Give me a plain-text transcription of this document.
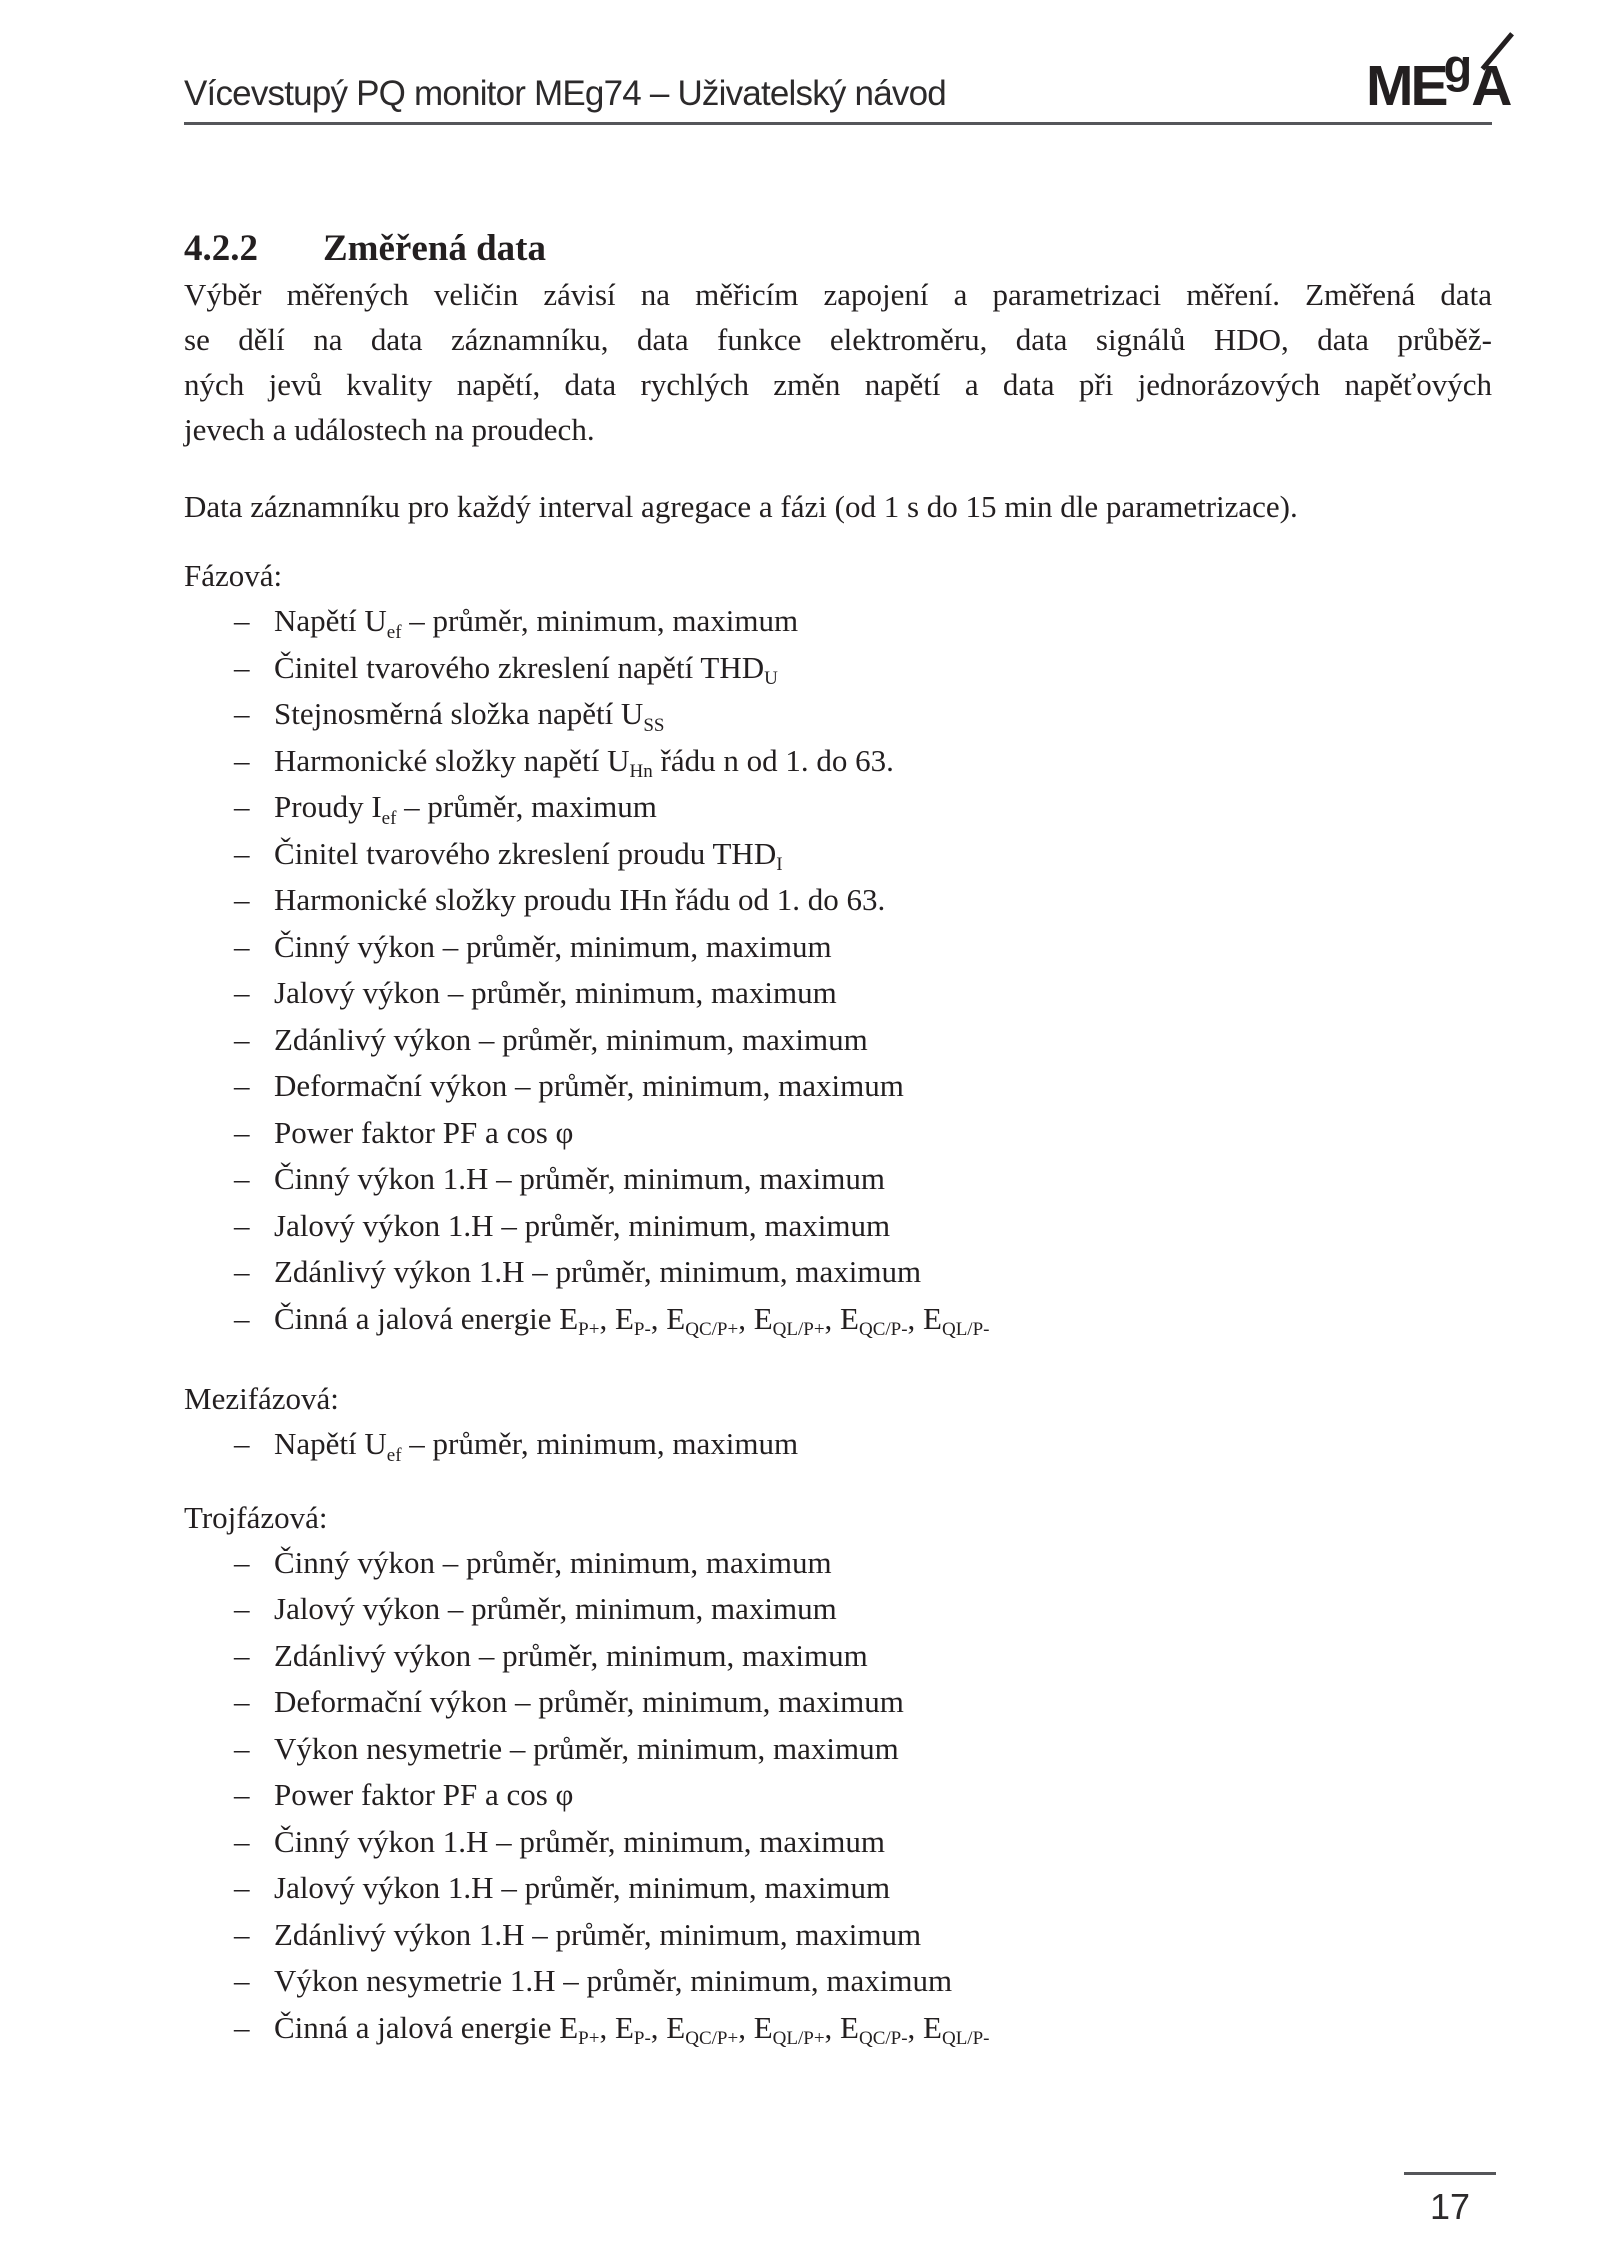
Vícevstupý PQ monitor MEg74 – Uživatelský návod	ME
g A
4.2.2 Změřená data
Výběr měřených veličin závisí na měřicím zapojení a parametrizaci měření. Změřená data
se dělí na data záznamníku, data funkce elektroměru, data signálů HDO, data průběž-
ných jevů kvality napětí, data rychlých změn napětí a data při jednorázových napěťových
jevech a událostech na proudech.
Data záznamníku pro každý interval agregace a fázi (od 1 s do 15 min dle parametrizace).
Fázová:
– Napětí $U_{ef}$ – průměr, minimum, maximum
– Činitel tvarového zkreslení napětí $THD_U$
– Stejnosměrná složka napětí $U_{SS}$
– Harmonické složky napětí $U_{Hn}$ řádu n od 1. do 63.
– Proudy $I_{ef}$ – průměr, maximum
– Činitel tvarového zkreslení proudu $THD_I$
– Harmonické složky proudu IHn řádu od 1. do 63.
– Činný výkon – průměr, minimum, maximum
– Jalový výkon – průměr, minimum, maximum
– Zdánlivý výkon – průměr, minimum, maximum
– Deformační výkon – průměr, minimum, maximum
– Power faktor PF a cos φ
– Činný výkon 1.H – průměr, minimum, maximum
– Jalový výkon 1.H – průměr, minimum, maximum
– Zdánlivý výkon 1.H – průměr, minimum, maximum
– Činná a jalová energie $E_{P+}$, $E_{P-}$, $E_{QC/P+}$, $E_{QL/P+}$, $E_{QC/P-}$, $E_{QL/P-}$
Mezifázová:
– Napětí $U_{ef}$ – průměr, minimum, maximum
Trojfázová:
– Činný výkon – průměr, minimum, maximum
– Jalový výkon – průměr, minimum, maximum
– Zdánlivý výkon – průměr, minimum, maximum
– Deformační výkon – průměr, minimum, maximum
– Výkon nesymetrie – průměr, minimum, maximum
– Power faktor PF a cos φ
– Činný výkon 1.H – průměr, minimum, maximum
– Jalový výkon 1.H – průměr, minimum, maximum
– Zdánlivý výkon 1.H – průměr, minimum, maximum
– Výkon nesymetrie 1.H – průměr, minimum, maximum
– Činná a jalová energie $E_{P+}$, $E_{P-}$, $E_{QC/P+}$, $E_{QL/P+}$, $E_{QC/P-}$, $E_{QL/P-}$
17
